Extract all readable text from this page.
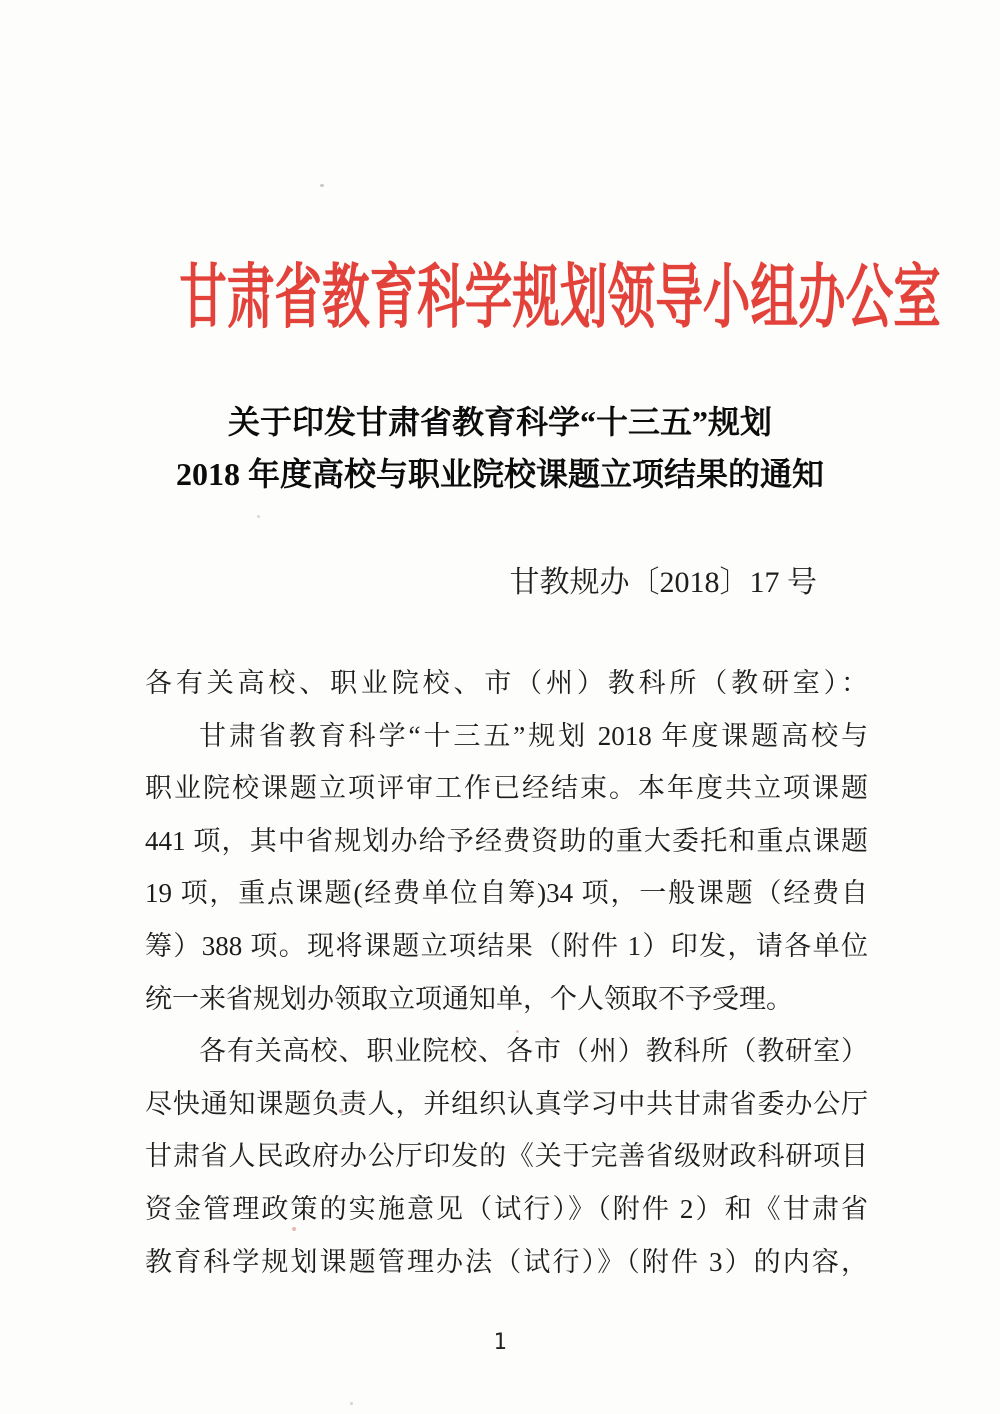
甘肃省教育科学规划领导小组办公室
关于印发甘肃省教育科学“十三五”规划
2018 年度高校与职业院校课题立项结果的通知
甘教规办〔2018〕17 号
各有关高校、职业院校、市（州）教科所（教研室）：
甘肃省教育科学“十三五”规划 2018 年度课题高校与
职业院校课题立项评审工作已经结束。本年度共立项课题
441 项，其中省规划办给予经费资助的重大委托和重点课题
19 项，重点课题(经费单位自筹)34 项，一般课题（经费自
筹）388 项。现将课题立项结果（附件 1）印发，请各单位
统一来省规划办领取立项通知单，个人领取不予受理。
各有关高校、职业院校、各市（州）教科所（教研室）
尽快通知课题负责人，并组织认真学习中共甘肃省委办公厅
甘肃省人民政府办公厅印发的《关于完善省级财政科研项目
资金管理政策的实施意见（试行）》（附件 2）和《甘肃省
教育科学规划课题管理办法（试行）》（附件 3）的内容，
1
